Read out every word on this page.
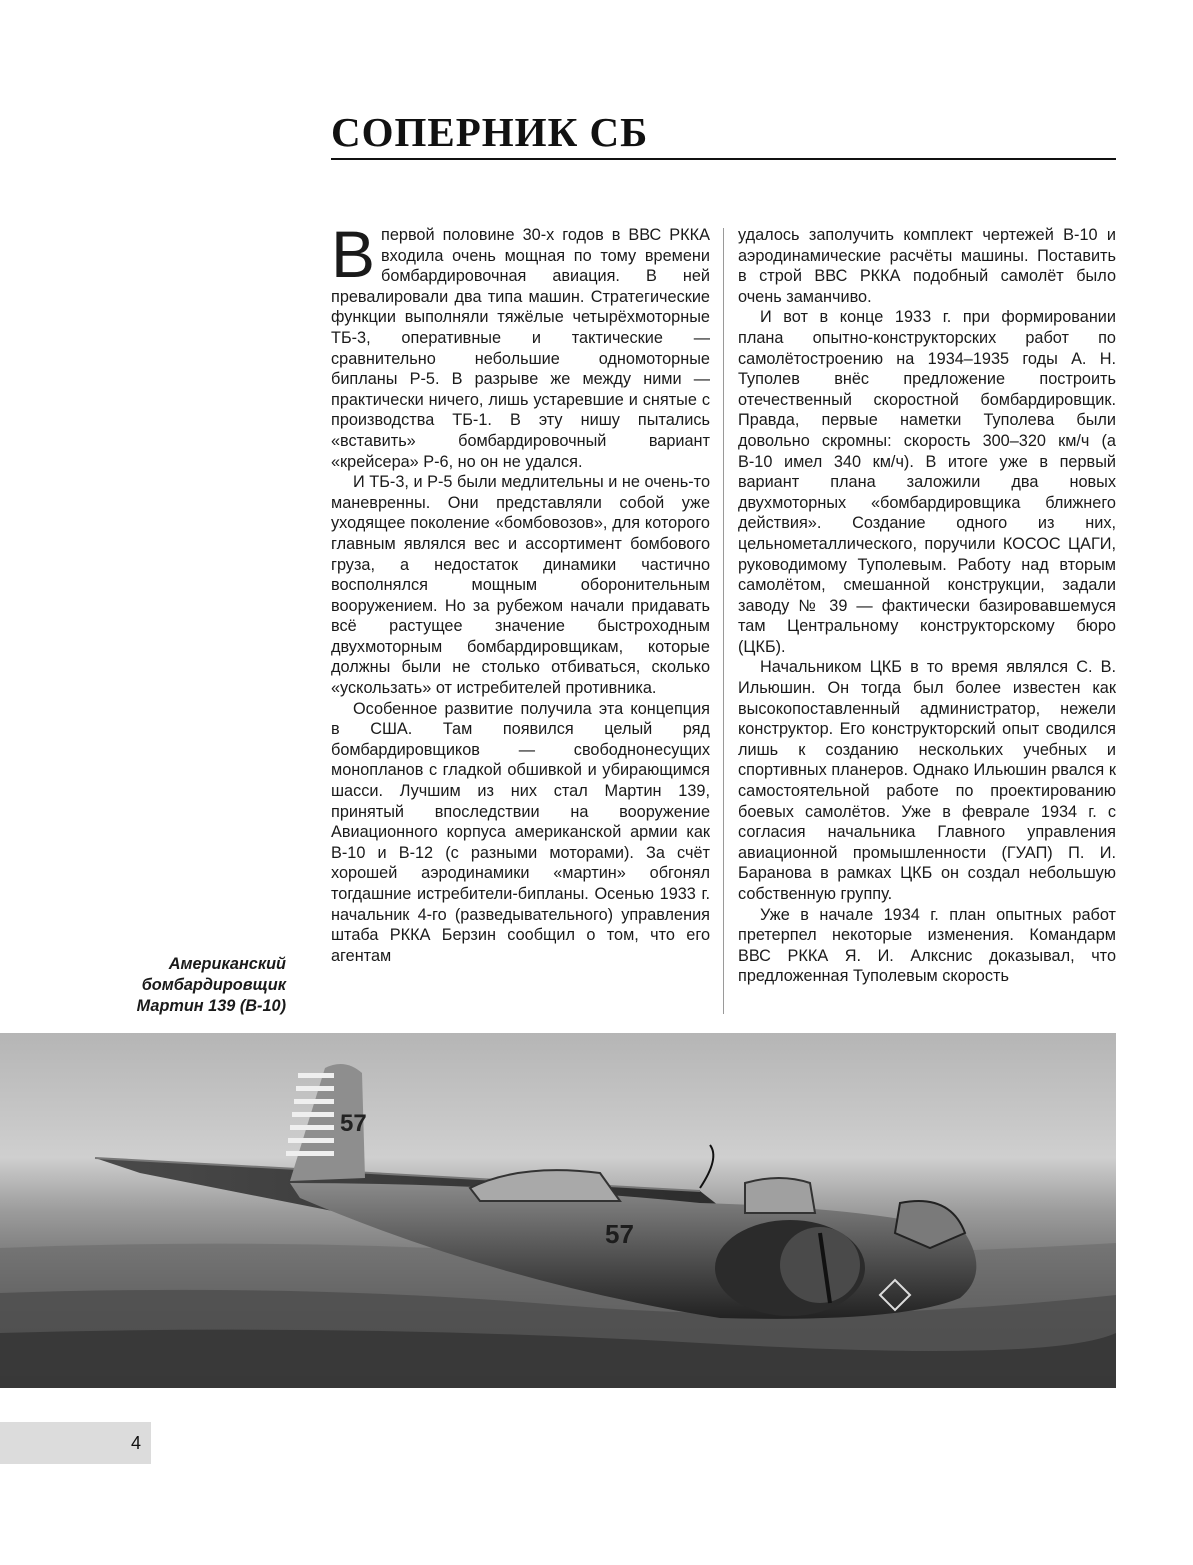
СОПЕРНИК СБ

В первой половине 30-х годов в ВВС РККА входила очень мощная по тому времени бомбардировочная авиация. В ней превалировали два типа машин. Стратегические функции выполняли тяжёлые четырёхмоторные ТБ-3, оперативные и тактические — сравнительно небольшие одномоторные бипланы Р-5. В разрыве же между ними — практически ничего, лишь устаревшие и снятые с производства ТБ-1. В эту нишу пытались «вставить» бомбардировочный вариант «крейсера» Р-6, но он не удался.

И ТБ-3, и Р-5 были медлительны и не очень-то маневренны. Они представляли собой уже уходящее поколение «бомбовозов», для которого главным являлся вес и ассортимент бомбового груза, а недостаток динамики частично восполнялся мощным оборонительным вооружением. Но за рубежом начали придавать всё растущее значение быстроходным двухмоторным бомбардировщикам, которые должны были не столько отбиваться, сколько «ускользать» от истребителей противника.

Особенное развитие получила эта концепция в США. Там появился целый ряд бомбардировщиков — свободнонесущих монопланов с гладкой обшивкой и убирающимся шасси. Лучшим из них стал Мартин 139, принятый впоследствии на вооружение Авиационного корпуса американской армии как В-10 и В-12 (с разными моторами). За счёт хорошей аэродинамики «мартин» обгонял тогдашние истребители-бипланы. Осенью 1933 г. начальник 4-го (разведывательного) управления штаба РККА Берзин сообщил о том, что его агентам

удалось заполучить комплект чертежей В-10 и аэродинамические расчёты машины. Поставить в строй ВВС РККА подобный самолёт было очень заманчиво.

И вот в конце 1933 г. при формировании плана опытно-конструкторских работ по самолётостроению на 1934–1935 годы А. Н. Туполев внёс предложение построить отечественный скоростной бомбардировщик. Правда, первые наметки Туполева были довольно скромны: скорость 300–320 км/ч (а В-10 имел 340 км/ч). В итоге уже в первый вариант плана заложили два новых двухмоторных «бомбардировщика ближнего действия». Создание одного из них, цельнометаллического, поручили КОСОС ЦАГИ, руководимому Туполевым. Работу над вторым самолётом, смешанной конструкции, задали заводу № 39 — фактически базировавшемуся там Центральному конструкторскому бюро (ЦКБ).

Начальником ЦКБ в то время являлся С. В. Ильюшин. Он тогда был более известен как высокопоставленный администратор, нежели конструктор. Его конструкторский опыт сводился лишь к созданию нескольких учебных и спортивных планеров. Однако Ильюшин рвался к самостоятельной работе по проектированию боевых самолётов. Уже в феврале 1934 г. с согласия начальника Главного управления авиационной промышленности (ГУАП) П. И. Баранова в рамках ЦКБ он создал небольшую собственную группу.

Уже в начале 1934 г. план опытных работ претерпел некоторые изменения. Командарм ВВС РККА Я. И. Алкснис доказывал, что предложенная Туполевым скорость

Американский бомбардировщик Мартин 139 (В-10)
57
57
4
